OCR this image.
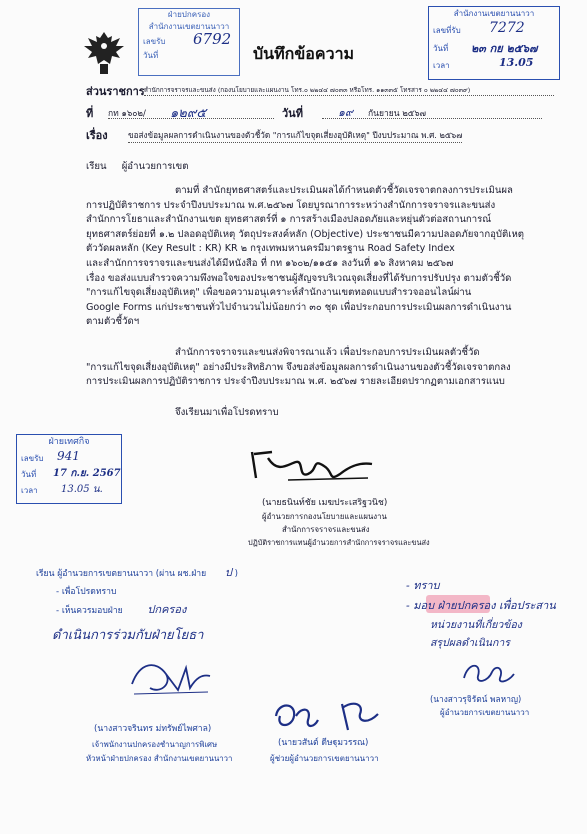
ฝ่ายปกครอง
สำนักงานเขตยานนาวา
เลขรับ 6792
วันที่	บันทึกข้อความ
สำนักงานเขตยานนาวา
เลขที่รับ 7272
วันที่ ๒๓ กย ๒๕๖๗
เวลา	13.05
ส่วนราชการ สำนักการจราจรและขนส่ง (กองนโยบายและแผนงาน โทร.๐ ๒๒๔๔ ๗๐๓๓ หรือโทร. ๑๑๓๓๕ โทรสาร ๐ ๒๒๔๔ ๗๐๓๙)
ที่ กท ๑๖๐๒/ ๑๒๙๕	วันที่	๑๙ กันยายน ๒๕๖๗
เรื่อง ขอส่งข้อมูลผลการดำเนินงานของตัวชี้วัด "การแก้ไขจุดเสี่ยงอุบัติเหตุ" ปีงบประมาณ พ.ศ. ๒๕๖๗
เรียน ผู้อำนวยการเขต
ตามที่ สำนักยุทธศาสตร์และประเมินผลได้กำหนดตัวชี้วัดเจรจาตกลงการประเมินผล
การปฏิบัติราชการ ประจำปีงบประมาณ พ.ศ.๒๕๖๗ โดยบูรณาการระหว่างสำนักการจราจรและขนส่ง
สำนักการโยธาและสำนักงานเขต ยุทธศาสตร์ที่ ๑ การสร้างเมืองปลอดภัยและหยุ่นตัวต่อสถานการณ์
ยุทธศาสตร์ย่อยที่ ๑.๒ ปลอดอุบัติเหตุ วัตถุประสงค์หลัก (Objective) ประชาชนมีความปลอดภัยจากอุบัติเหตุ
ตัววัดผลหลัก (Key Result : KR) KR ๒ กรุงเทพมหานครมีมาตรฐาน Road Safety Index
และสำนักการจราจรและขนส่งได้มีหนังสือ ที่ กท ๑๖๐๒/๑๑๕๑ ลงวันที่ ๑๖ สิงหาคม ๒๕๖๗
เรื่อง ขอส่งแบบสำรวจความพึงพอใจของประชาชนผู้สัญจรบริเวณจุดเสี่ยงที่ได้รับการปรับปรุง ตามตัวชี้วัด
"การแก้ไขจุดเสี่ยงอุบัติเหตุ" เพื่อขอความอนุเคราะห์สำนักงานเขตทอดแบบสำรวจออนไลน์ผ่าน
Google Forms แก่ประชาชนทั่วไปจำนวนไม่น้อยกว่า ๓๐ ชุด เพื่อประกอบการประเมินผลการดำเนินงาน
ตามตัวชี้วัดฯ
สำนักการจราจรและขนส่งพิจารณาแล้ว เพื่อประกอบการประเมินผลตัวชี้วัด
"การแก้ไขจุดเสี่ยงอุบัติเหตุ" อย่างมีประสิทธิภาพ จึงขอส่งข้อมูลผลการดำเนินงานของตัวชี้วัดเจรจาตกลง
การประเมินผลการปฏิบัติราชการ ประจำปีงบประมาณ พ.ศ. ๒๕๖๗ รายละเอียดปรากฏตามเอกสารแนบ
จึงเรียนมาเพื่อโปรดทราบ
ฝ่ายเทศกิจ
เลขรับ 941
วันที่ 17 ก.ย. 2567
เวลา 13.05 น.
(นายธนินท์ชัย เมฆประเสริฐวนิช)
ผู้อำนวยการกองนโยบายและแผนงาน
สำนักการจราจรและขนส่ง
ปฏิบัติราชการแทนผู้อำนวยการสำนักการจราจรและขนส่ง
เรียน ผู้อำนวยการเขตยานนาวา (ผ่าน ผช.ฝ่าย ป )
- เพื่อโปรดทราบ
- เห็นควรมอบฝ่าย ปกครอง
ดำเนินการร่วมกับฝ่ายโยธา
(นางสาวจรินทร ม่ทรัพย์ไพศาล)
เจ้าพนักงานปกครองชำนาญการพิเศษ
หัวหน้าฝ่ายปกครอง สำนักงานเขตยานนาวา
(นายวสันต์ ดีษฐุมวรรณ)
ผู้ช่วยผู้อำนวยการเขตยานนาวา
- ทราบ
- มอบ ฝ่ายปกครอง เพื่อประสาน
หน่วยงานที่เกี่ยวข้อง
สรุปผลดำเนินการ
(นางสาวรุจิรัตน์ พลหาญ)
ผู้อำนวยการเขตยานนาวา
